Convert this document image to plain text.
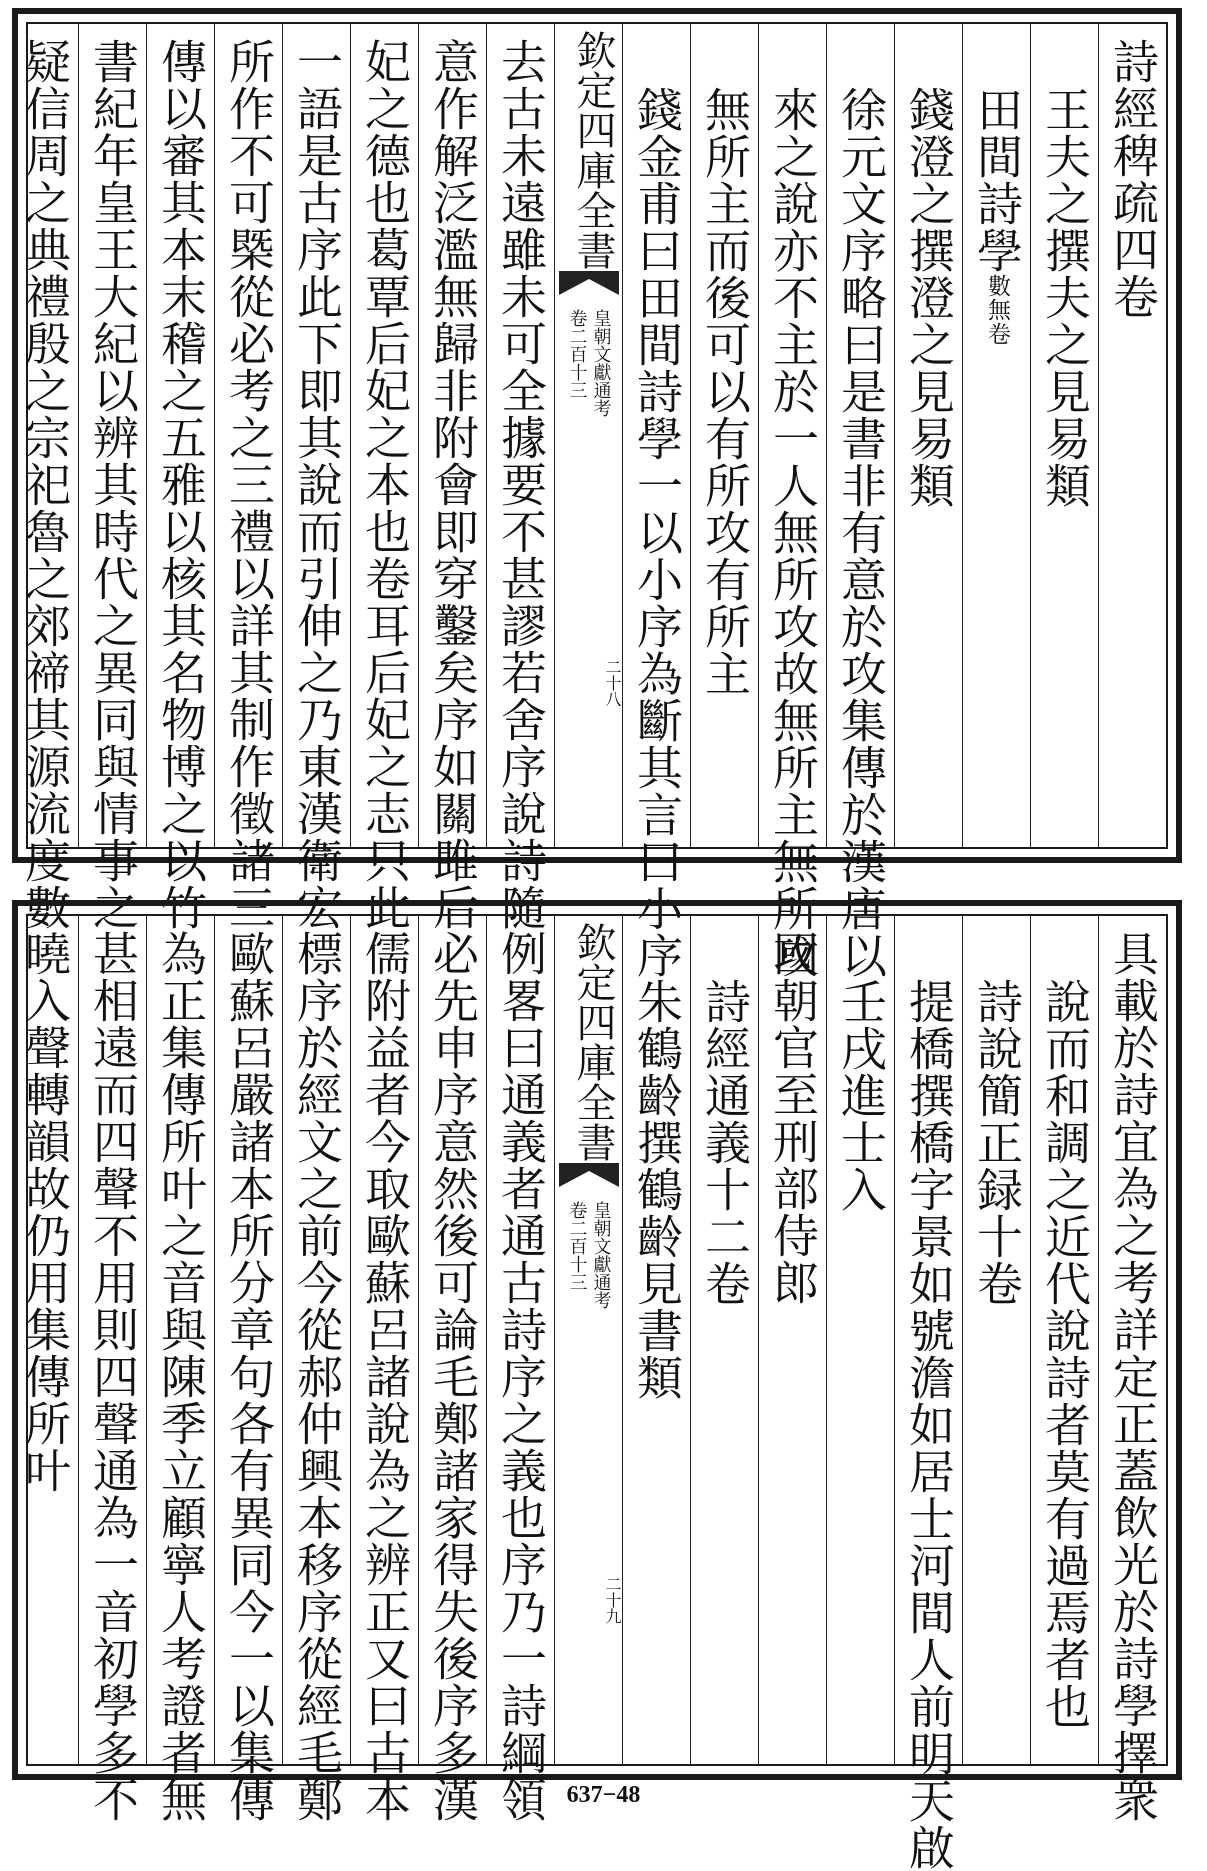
詩經稗疏四卷
王夫之撰夫之見易類
田間詩學
無卷
數
錢澄之撰澄之見易類
徐元文序略曰是書非有意於攻集傳於漢唐以
來之說亦不主於一人無所攻故無所主無所攻
無所主而後可以有所攻有所主
錢金甫曰田間詩學一以小序為斷其言曰小序
欽定四庫全書
皇朝文獻通考
卷二百十三
二十八
去古未遠雖未可全據要不甚謬若舍序說詩隨
意作解泛濫無歸非附會即穿鑿矣序如關雎后
妃之德也葛覃后妃之本也卷耳后妃之志只此
一語是古序此下即其說而引伸之乃東漢衛宏
所作不可槩從必考之三禮以詳其制作徵諸三
傳以審其本末稽之五雅以核其名物博之以竹
書紀年皇王大紀以辨其時代之異同與情事之
疑信周之典禮殷之宗祀魯之郊禘其源流度數
具載於詩宜為之考詳定正蓋飲光於詩學擇衆
說而和調之近代說詩者莫有過焉者也
詩說簡正録十卷
提橋撰橋字景如號澹如居士河間人前明天啟
壬戌進士入
國朝官至刑部侍郎
詩經通義十二卷
朱鶴齡撰鶴齡見書類
欽定四庫全書
皇朝文獻通考
卷二百十三
二十九
例畧曰通義者通古詩序之義也序乃一詩綱領
必先申序意然後可論毛鄭諸家得失後序多漢
儒附益者今取歐蘇呂諸說為之辨正又曰古本
標序於經文之前今從郝仲興本移序從經毛鄭
歐蘇呂嚴諸本所分章句各有異同今一以集傳
為正集傳所叶之音與陳季立顧寧人考證者無
甚相遠而四聲不用則四聲通為一音初學多不
曉入聲轉韻故仍用集傳所叶
637−48
